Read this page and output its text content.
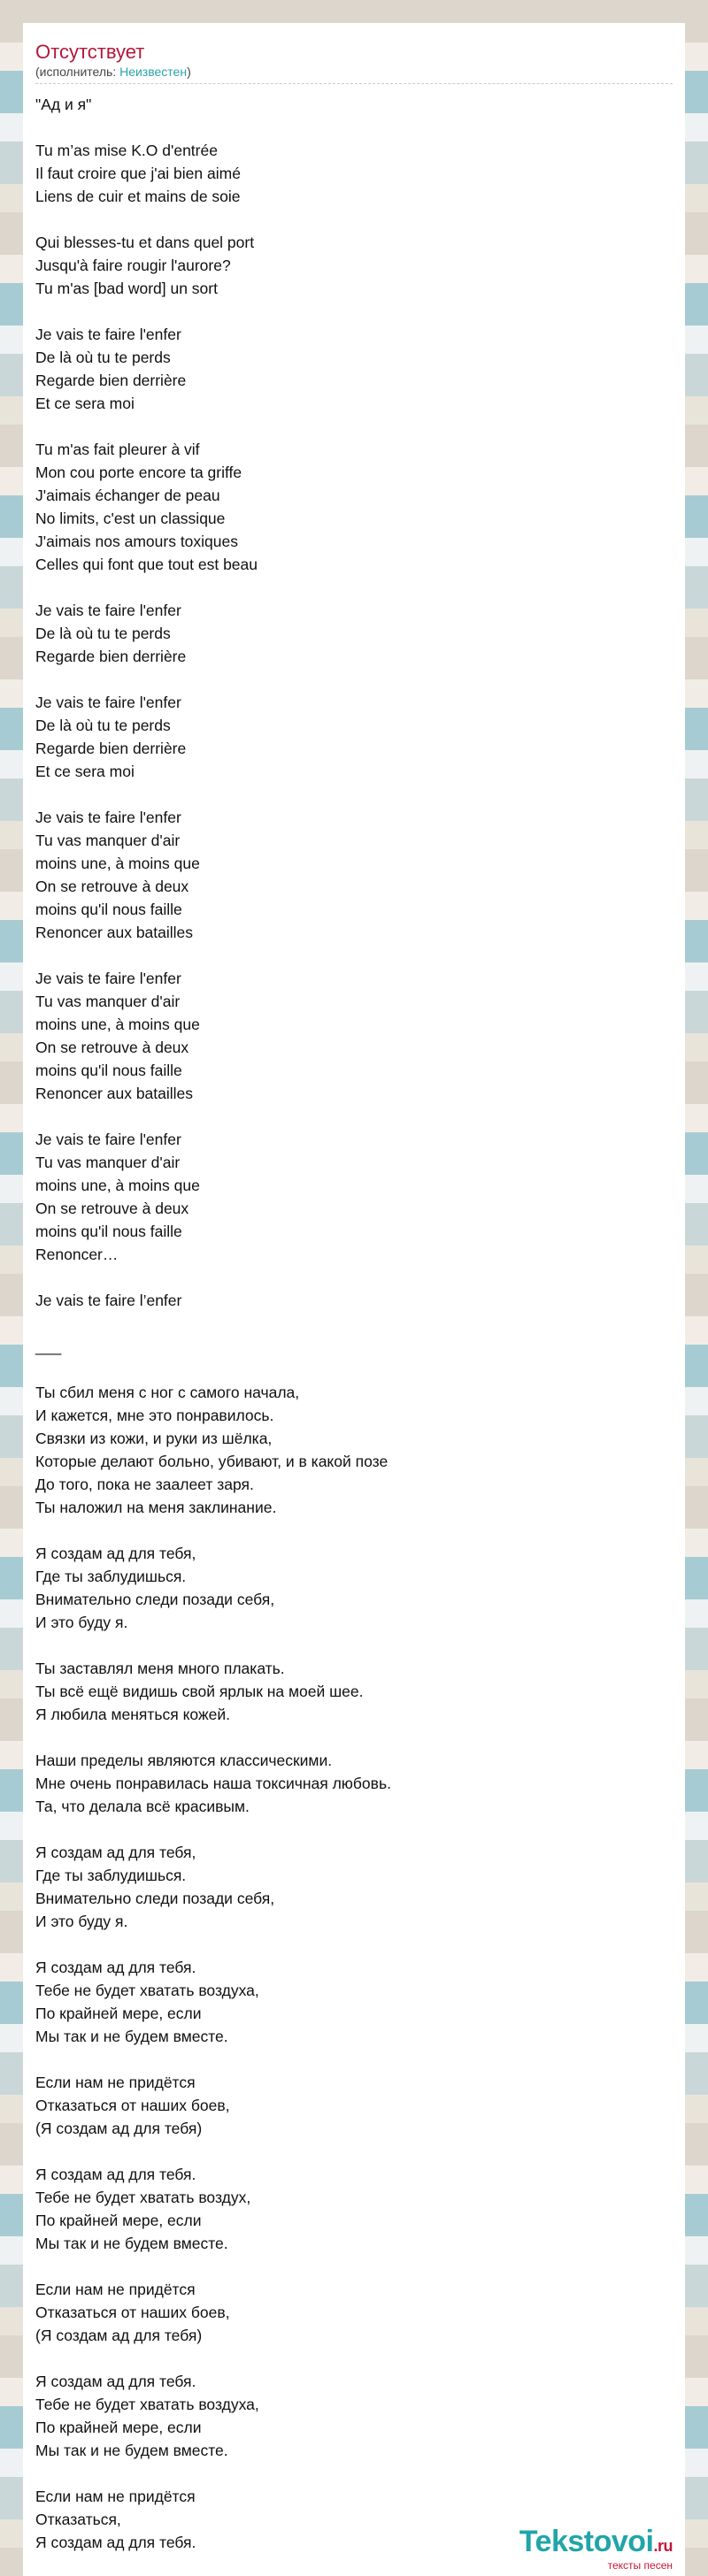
Отсутствует
(исполнитель: Неизвестен)
"Ад и я"
Tu m’as mise K.O d'entrée
Il faut croire que j'ai bien aimé
Liens de cuir et mains de soie
Qui blesses-tu et dans quel port
Jusqu'à faire rougir l'aurore?
Tu m'as [bad word] un sort
Je vais te faire l'enfer
De là où tu te perds
Regarde bien derrière
Et ce sera moi
Tu m'as fait pleurer à vif
Mon cou porte encore ta griffe
J'aimais échanger de peau
No limits, c'est un classique
J'aimais nos amours toxiques
Celles qui font que tout est beau
Je vais te faire l'enfer
De là où tu te perds
Regarde bien derrière
Je vais te faire l'enfer
De là où tu te perds
Regarde bien derrière
Et ce sera moi
Je vais te faire l'enfer
Tu vas manquer d'air
moins une, à moins que
On se retrouve à deux
moins qu'il nous faille
Renoncer aux batailles
Je vais te faire l'enfer
Tu vas manquer d'air
moins une, à moins que
On se retrouve à deux
moins qu'il nous faille
Renoncer aux batailles
Je vais te faire l'enfer
Tu vas manquer d'air
moins une, à moins que
On se retrouve à deux
moins qu'il nous faille
Renoncer…
Je vais te faire l’enfer
___
Ты сбил меня с ног с самого начала,
И кажется, мне это понравилось.
Связки из кожи, и руки из шёлка,
Которые делают больно, убивают, и в какой позе
До того, пока не заалеет заря.
Ты наложил на меня заклинание.
Я создам ад для тебя,
Где ты заблудишься.
Внимательно следи позади себя,
И это буду я.
Ты заставлял меня много плакать.
Ты всё ещё видишь свой ярлык на моей шее.
Я любила меняться кожей.
Наши пределы являются классическими.
Мне очень понравилась наша токсичная любовь.
Та, что делала всё красивым.
Я создам ад для тебя,
Где ты заблудишься.
Внимательно следи позади себя,
И это буду я.
Я создам ад для тебя.
Тебе не будет хватать воздуха,
По крайней мере, если
Мы так и не будем вместе.
Если нам не придётся
Отказаться от наших боев,
(Я создам ад для тебя)
Я создам ад для тебя.
Тебе не будет хватать воздух,
По крайней мере, если
Мы так и не будем вместе.
Если нам не придётся
Отказаться от наших боев,
(Я создам ад для тебя)
Я создам ад для тебя.
Тебе не будет хватать воздуха,
По крайней мере, если
Мы так и не будем вместе.
Если нам не придётся
Отказаться,
Я создам ад для тебя.	Tekstovoi.ru
тексты песен
